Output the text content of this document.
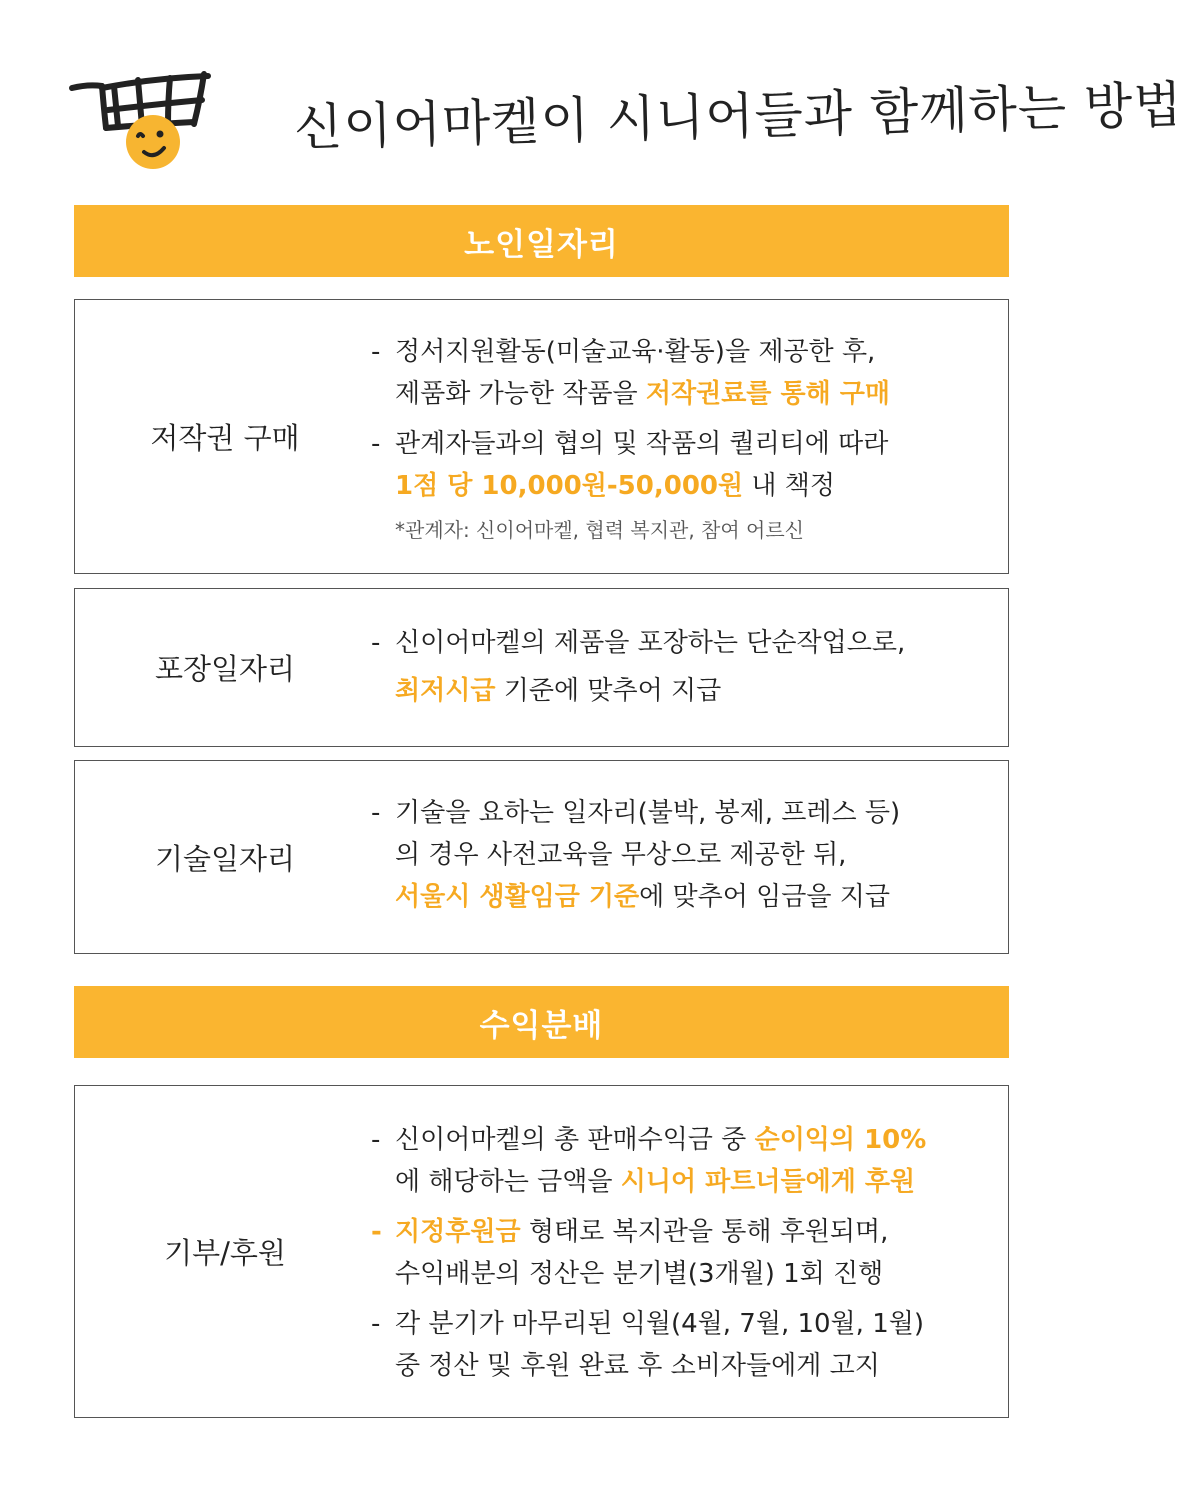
신이어마켙이 시니어들과 함께하는 방법
노인일자리
저작권 구매
- 정서지원활동(미술교육·활동)을 제공한 후,
제품화 가능한 작품을 저작권료를 통해 구매
- 관계자들과의 협의 및 작품의 퀄리티에 따라
1점 당 10,000원-50,000원 내 책정
*관계자: 신이어마켙, 협력 복지관, 참여 어르신
포장일자리
- 신이어마켙의 제품을 포장하는 단순작업으로,
최저시급 기준에 맞추어 지급
기술일자리
- 기술을 요하는 일자리(불박, 봉제, 프레스 등)
의 경우 사전교육을 무상으로 제공한 뒤,
서울시 생활임금 기준에 맞추어 임금을 지급
수익분배
기부/후원
- 신이어마켙의 총 판매수익금 중 순이익의 10%
에 해당하는 금액을 시니어 파트너들에게 후원
- 지정후원금 형태로 복지관을 통해 후원되며,
수익배분의 정산은 분기별(3개월) 1회 진행
- 각 분기가 마무리된 익월(4월, 7월, 10월, 1월)
중 정산 및 후원 완료 후 소비자들에게 고지
